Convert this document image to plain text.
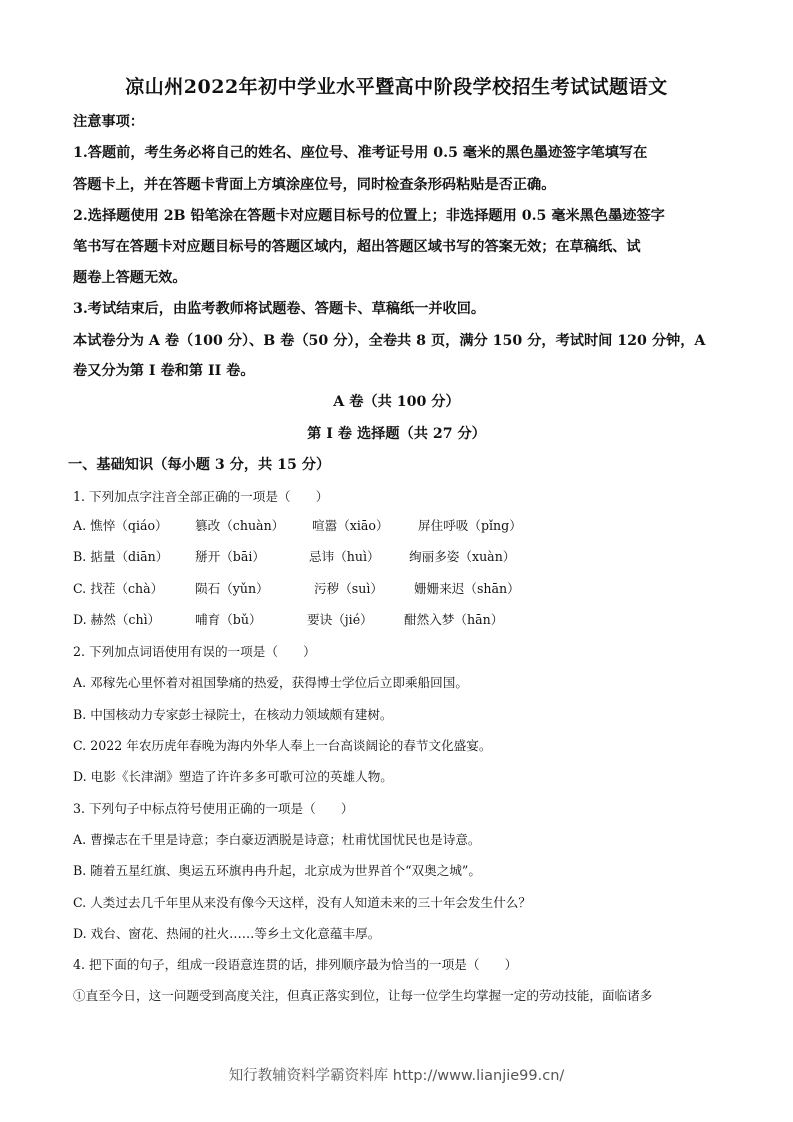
凉山州2022年初中学业水平暨高中阶段学校招生考试试题语文
注意事项：
1.答题前，考生务必将自己的姓名、座位号、准考证号用 0.5 毫米的黑色墨迹签字笔填写在
答题卡上，并在答题卡背面上方填涂座位号，同时检查条形码粘贴是否正确。
2.选择题使用 2B 铅笔涂在答题卡对应题目标号的位置上；非选择题用 0.5 毫米黑色墨迹签字
笔书写在答题卡对应题目标号的答题区域内，超出答题区域书写的答案无效；在草稿纸、试
题卷上答题无效。
3.考试结束后，由监考教师将试题卷、答题卡、草稿纸一并收回。
本试卷分为 A 卷（100 分）、B 卷（50 分），全卷共 8 页，满分 150 分，考试时间 120 分钟，A
卷又分为第 I 卷和第 II 卷。
A 卷（共 100 分）
第 I 卷 选择题（共 27 分）
一、基础知识（每小题 3 分，共 15 分）
1. 下列加点字注音全部正确的一项是（　　）
A. 憔悴（qiáo） 篡改（chuàn） 喧嚣（xiāo） 屏住呼吸（pǐng）
B. 掂量（diān） 掰开（bāi）	忌讳（huì） 绚丽多姿（xuàn）
C. 找茬（chà）	陨石（yǔn）	污秽（suì） 姗姗来迟（shān）
D. 赫然（chì）	哺育（bǔ）	要诀（jié） 酣然入梦（hān）
2. 下列加点词语使用有误的一项是（　　）
A. 邓稼先心里怀着对祖国挚痛的热爱，获得博士学位后立即乘船回国。
B. 中国核动力专家彭士禄院士，在核动力领域颇有建树。
C. 2022 年农历虎年春晚为海内外华人奉上一台高谈阔论的春节文化盛宴。
D. 电影《长津湖》塑造了许许多多可歌可泣的英雄人物。
3. 下列句子中标点符号使用正确的一项是（　　）
A. 曹操志在千里是诗意；李白豪迈洒脱是诗意；杜甫忧国忧民也是诗意。
B. 随着五星红旗、奥运五环旗冉冉升起，北京成为世界首个“双奥之城”。
C. 人类过去几千年里从来没有像今天这样，没有人知道未来的三十年会发生什么？
D. 戏台、窗花、热闹的社火……等乡土文化意蕴丰厚。
4. 把下面的句子，组成一段语意连贯的话，排列顺序最为恰当的一项是（　　）
①直至今日，这一问题受到高度关注，但真正落实到位，让每一位学生均掌握一定的劳动技能，面临诸多
知行教辅资料学霸资料库 http://www.lianjie99.cn/
